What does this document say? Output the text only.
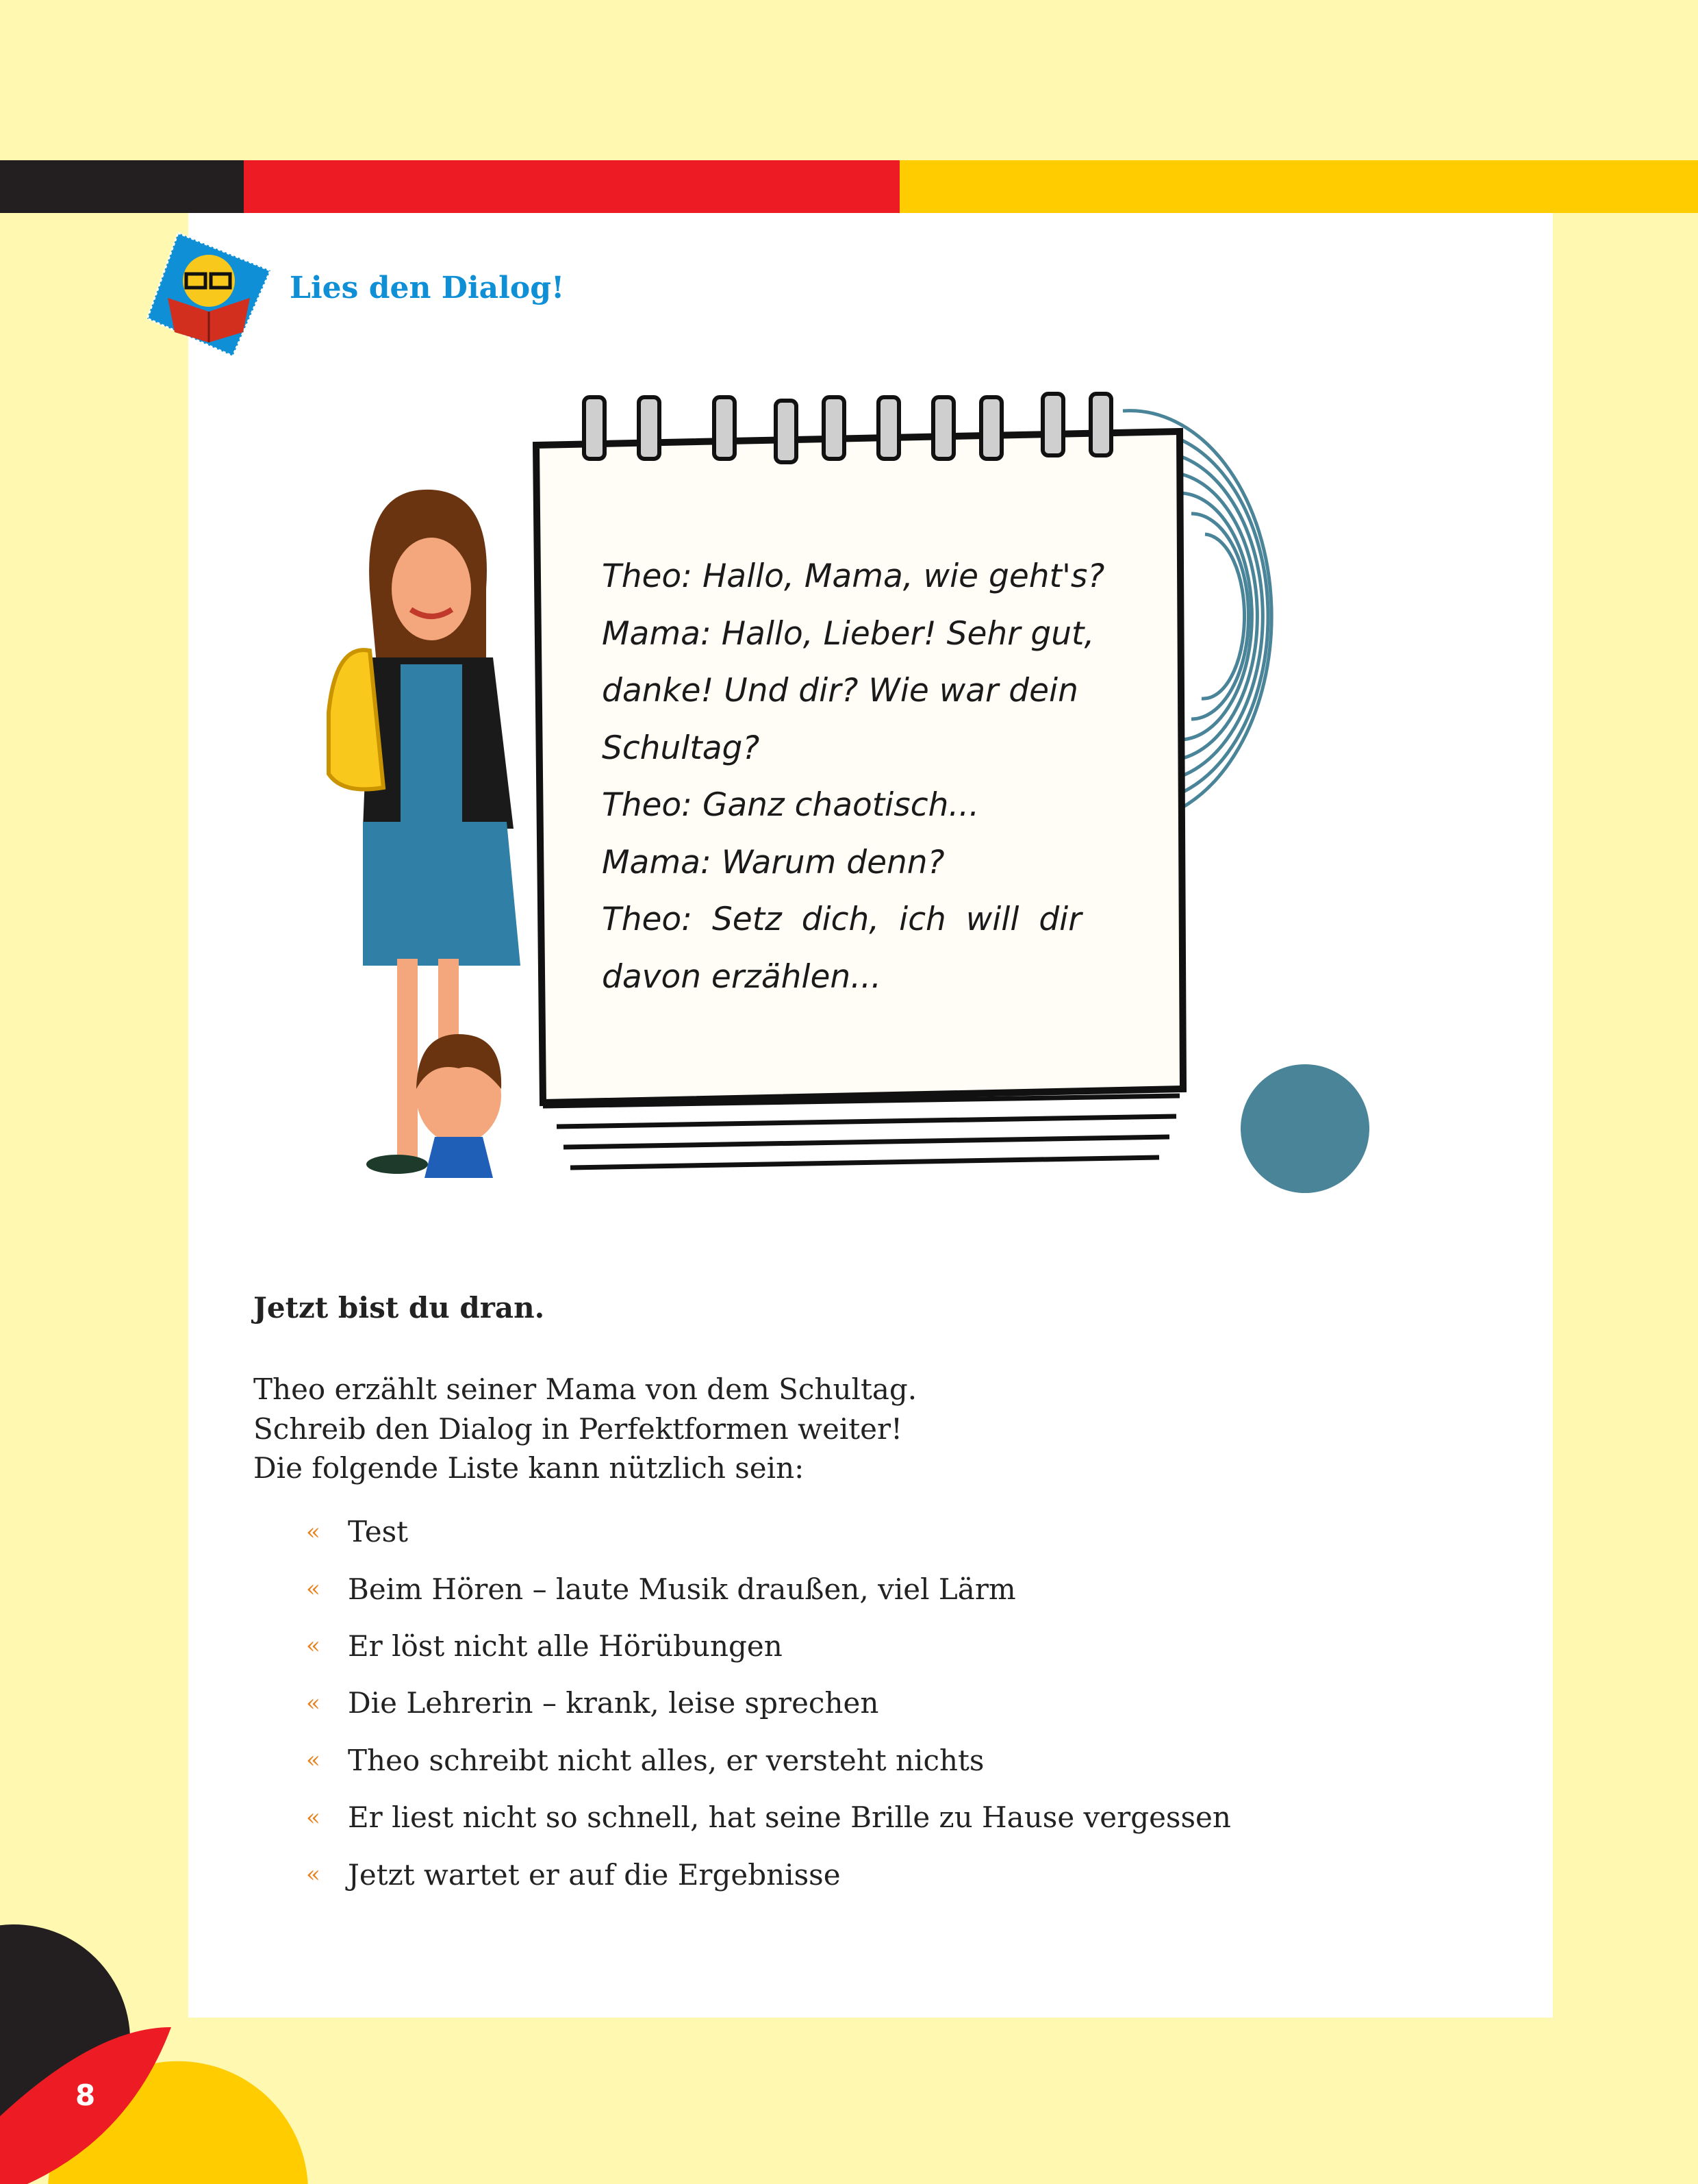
Lies den Dialog!
Theo: Hallo, Mama, wie geht's?
Mama: Hallo, Lieber! Sehr gut,
danke! Und dir? Wie war dein
Schultag?
Theo: Ganz chaotisch...
Mama: Warum denn?
Theo: Setz dich, ich will dir
davon erzählen...
Jetzt bist du dran.
Theo erzählt seiner Mama von dem Schultag.
Schreib den Dialog in Perfektformen weiter!
Die folgende Liste kann nützlich sein:
« Test
« Beim Hören – laute Musik draußen, viel Lärm
« Er löst nicht alle Hörübungen
« Die Lehrerin – krank, leise sprechen
« Theo schreibt nicht alles, er versteht nichts
« Er liest nicht so schnell, hat seine Brille zu Hause vergessen
« Jetzt wartet er auf die Ergebnisse
8
